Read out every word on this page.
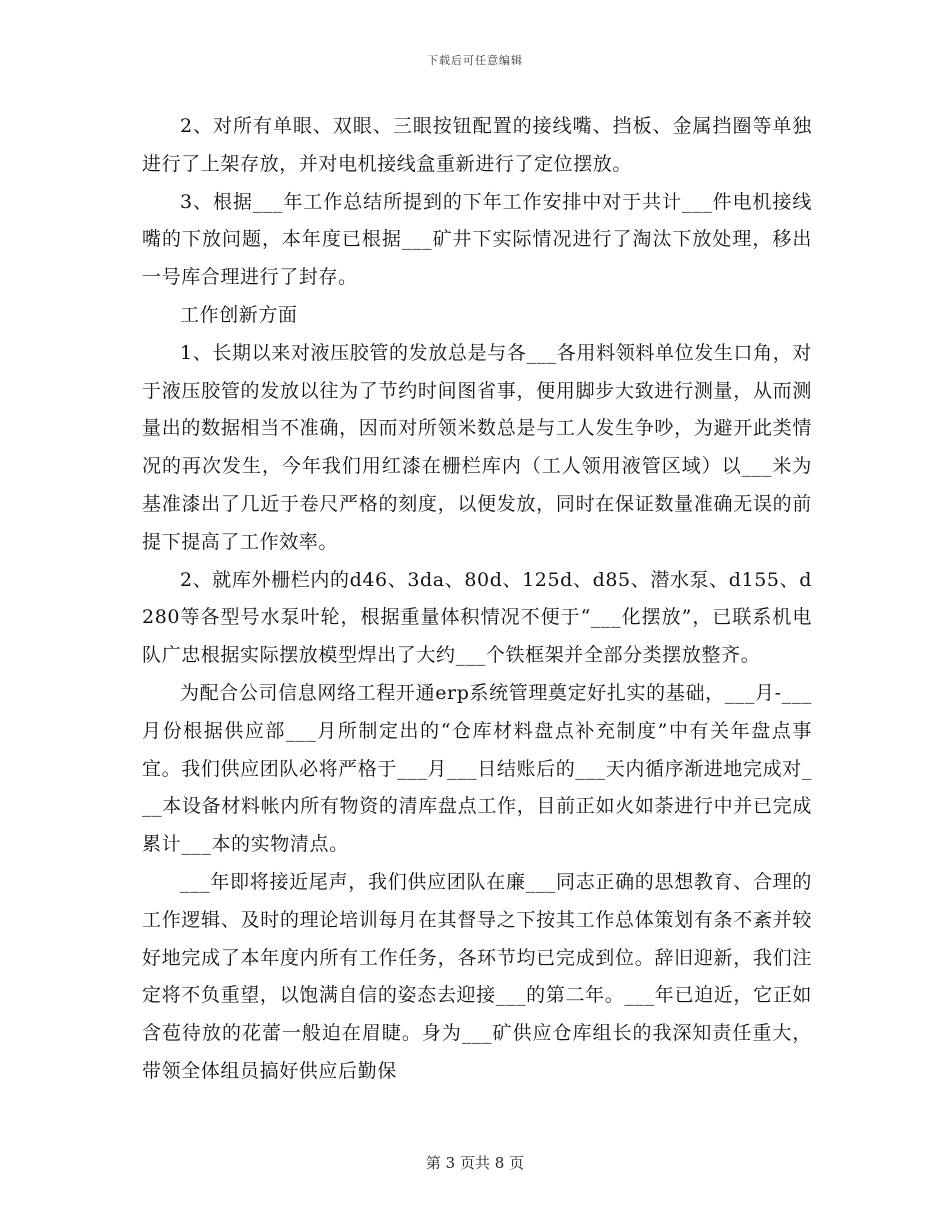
下载后可任意编辑

2、对所有单眼、双眼、三眼按钮配置的接线嘴、挡板、金属挡圈等单独进行了上架存放，并对电机接线盒重新进行了定位摆放。

3、根据___年工作总结所提到的下年工作安排中对于共计___件电机接线嘴的下放问题，本年度已根据___矿井下实际情况进行了淘汰下放处理，移出一号库合理进行了封存。

工作创新方面

1、长期以来对液压胶管的发放总是与各___各用料领料单位发生口角，对于液压胶管的发放以往为了节约时间图省事，便用脚步大致进行测量，从而测量出的数据相当不准确，因而对所领米数总是与工人发生争吵，为避开此类情况的再次发生，今年我们用红漆在栅栏库内（工人领用液管区域）以___米为基准漆出了几近于卷尺严格的刻度，以便发放，同时在保证数量准确无误的前提下提高了工作效率。

2、就库外栅栏内的d46、3da、80d、125d、d85、潜水泵、d155、d280等各型号水泵叶轮，根据重量体积情况不便于“___化摆放”，已联系机电队广忠根据实际摆放模型焊出了大约___个铁框架并全部分类摆放整齐。

为配合公司信息网络工程开通erp系统管理奠定好扎实的基础，___月-___月份根据供应部___月所制定出的“仓库材料盘点补充制度”中有关年盘点事宜。我们供应团队必将严格于___月___日结账后的___天内循序渐进地完成对___本设备材料帐内所有物资的清库盘点工作，目前正如火如荼进行中并已完成累计___本的实物清点。

___年即将接近尾声，我们供应团队在廉___同志正确的思想教育、合理的工作逻辑、及时的理论培训每月在其督导之下按其工作总体策划有条不紊并较好地完成了本年度内所有工作任务，各环节均已完成到位。辞旧迎新，我们注定将不负重望，以饱满自信的姿态去迎接___的第二年。___年已迫近，它正如含苞待放的花蕾一般迫在眉睫。身为___矿供应仓库组长的我深知责任重大，带领全体组员搞好供应后勤保

第 3 页共 8 页
